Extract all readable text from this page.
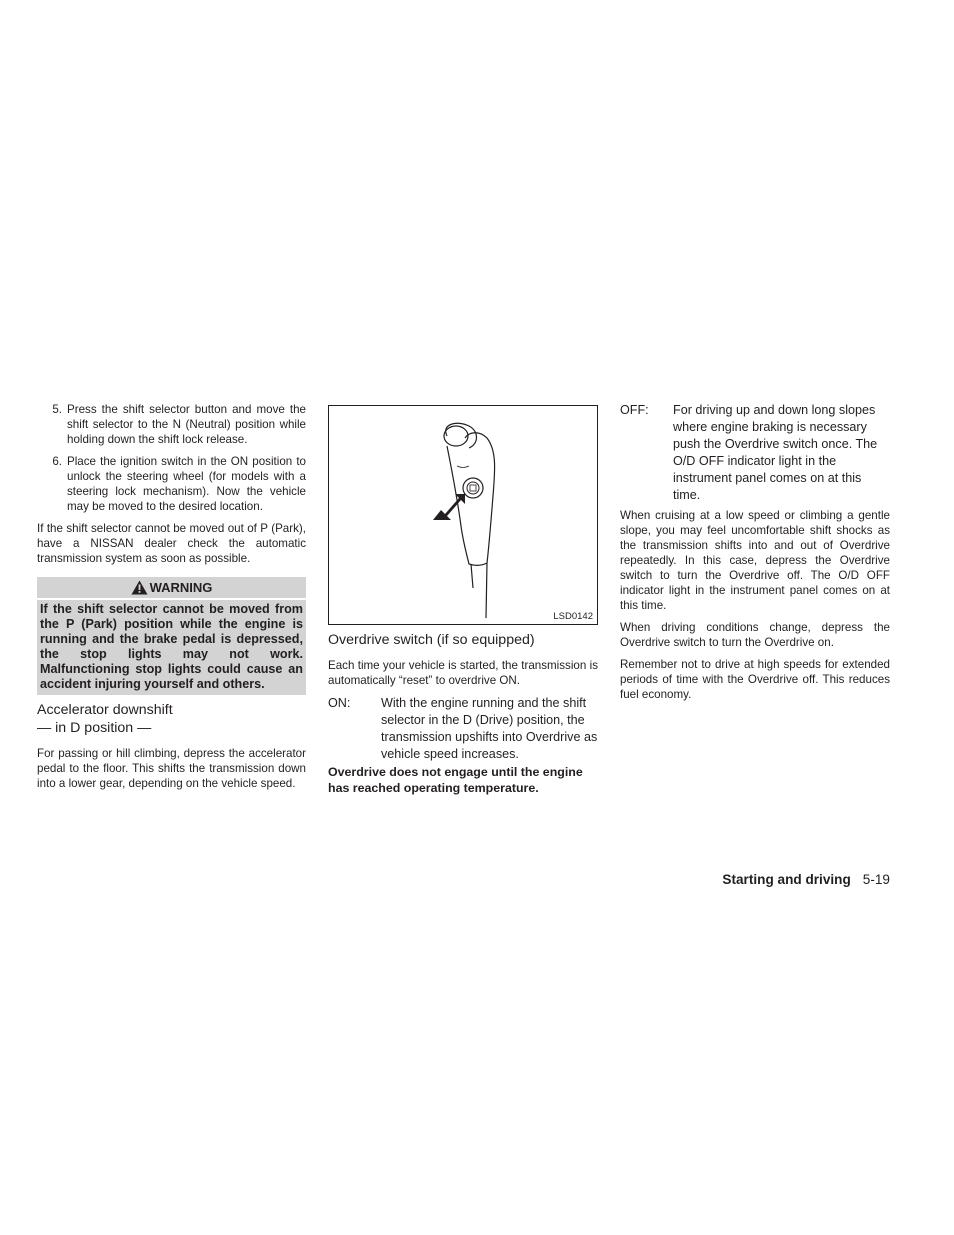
5. Press the shift selector button and move the shift selector to the N (Neutral) position while holding down the shift lock release.
6. Place the ignition switch in the ON position to unlock the steering wheel (for models with a steering lock mechanism). Now the vehicle may be moved to the desired location.

If the shift selector cannot be moved out of P (Park), have a NISSAN dealer check the automatic transmission system as soon as possible.

WARNING
If the shift selector cannot be moved from the P (Park) position while the engine is running and the brake pedal is depressed, the stop lights may not work. Malfunctioning stop lights could cause an accident injuring yourself and others.
Accelerator downshift
— in D position —

For passing or hill climbing, depress the accelerator pedal to the floor. This shifts the transmission down into a lower gear, depending on the vehicle speed.

LSD0142
Overdrive switch (if so equipped)

Each time your vehicle is started, the transmission is automatically “reset” to overdrive ON.

ON:	With the engine running and the shift selector in the D (Drive) position, the transmission upshifts into Overdrive as vehicle speed increases.

Overdrive does not engage until the engine has reached operating temperature.

OFF:	For driving up and down long slopes where engine braking is necessary push the Overdrive switch once. The O/D OFF indicator light in the instrument panel comes on at this time.

When cruising at a low speed or climbing a gentle slope, you may feel uncomfortable shift shocks as the transmission shifts into and out of Overdrive repeatedly. In this case, depress the Overdrive switch to turn the Overdrive off. The O/D OFF indicator light in the instrument panel comes on at this time.

When driving conditions change, depress the Overdrive switch to turn the Overdrive on.

Remember not to drive at high speeds for extended periods of time with the Overdrive off. This reduces fuel economy.

Starting and driving 5-19
